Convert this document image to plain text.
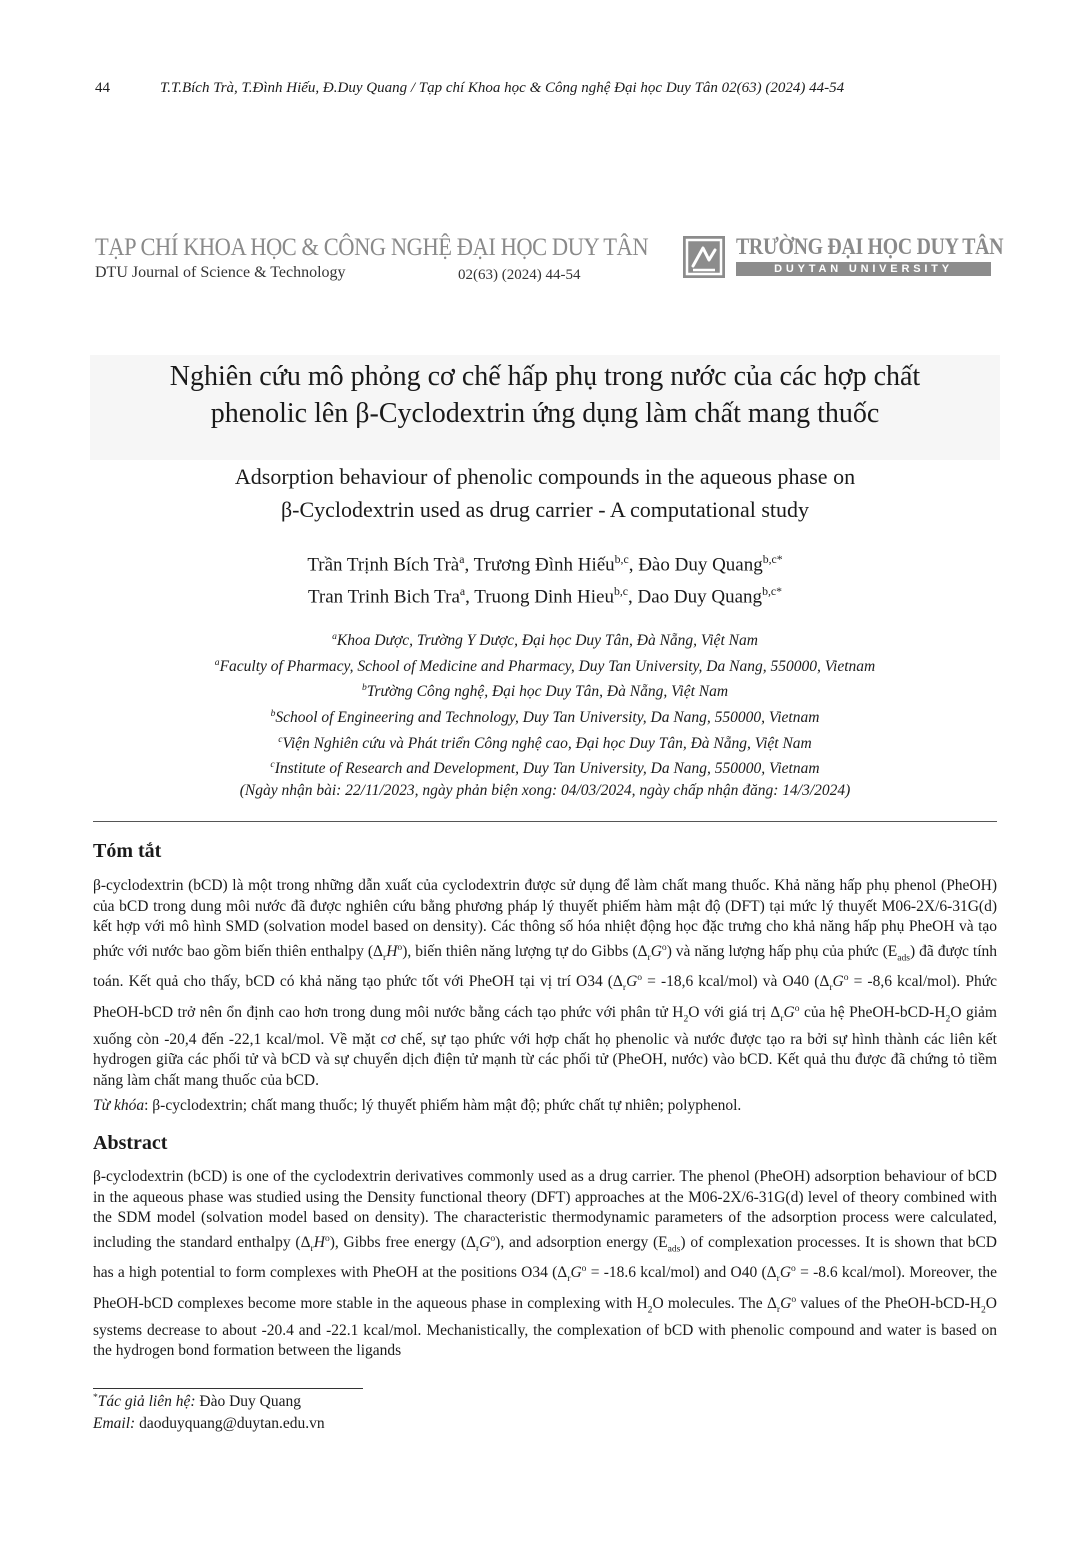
44	T.T.Bích Trà, T.Đình Hiếu, Đ.Duy Quang / Tạp chí Khoa học & Công nghệ Đại học Duy Tân 02(63) (2024) 44-54
TẠP CHÍ KHOA HỌC & CÔNG NGHỆ ĐẠI HỌC DUY TÂN
DTU Journal of Science & Technology	02(63) (2024) 44-54
TRƯỜNG ĐẠI HỌC DUY TÂN
DUYTAN UNIVERSITY
Nghiên cứu mô phỏng cơ chế hấp phụ trong nước của các hợp chất
phenolic lên β-Cyclodextrin ứng dụng làm chất mang thuốc
Adsorption behaviour of phenolic compounds in the aqueous phase on
β-Cyclodextrin used as drug carrier - A computational study
Trần Trịnh Bích Trà$^a$, Trương Đình Hiếu$^{b,c}$, Đào Duy Quang$^{b,c*}$
Tran Trinh Bich Tra$^a$, Truong Dinh Hieu$^{b,c}$, Dao Duy Quang$^{b,c*}$
$^a$Khoa Dược, Trường Y Dược, Đại học Duy Tân, Đà Nẵng, Việt Nam
$^a$Faculty of Pharmacy, School of Medicine and Pharmacy, Duy Tan University, Da Nang, 550000, Vietnam
$^b$Trường Công nghệ, Đại học Duy Tân, Đà Nẵng, Việt Nam
$^b$School of Engineering and Technology, Duy Tan University, Da Nang, 550000, Vietnam
$^c$Viện Nghiên cứu và Phát triển Công nghệ cao, Đại học Duy Tân, Đà Nẵng, Việt Nam
$^c$Institute of Research and Development, Duy Tan University, Da Nang, 550000, Vietnam
(Ngày nhận bài: 22/11/2023, ngày phản biện xong: 04/03/2024, ngày chấp nhận đăng: 14/3/2024)
Tóm tắt

β-cyclodextrin (bCD) là một trong những dẫn xuất của cyclodextrin được sử dụng để làm chất mang thuốc. Khả năng hấp phụ phenol (PheOH) của bCD trong dung môi nước đã được nghiên cứu bằng phương pháp lý thuyết phiếm hàm mật độ (DFT) tại mức lý thuyết M06-2X/6-31G(d) kết hợp với mô hình SMD (solvation model based on density). Các thông số hóa nhiệt động học đặc trưng cho khả năng hấp phụ PheOH và tạo phức với nước bao gồm biến thiên enthalpy $(\Delta_rH^o)$, biến thiên năng lượng tự do Gibbs $(\Delta_rG^o)$ và năng lượng hấp phụ của phức $(E_{ads})$ đã được tính toán. Kết quả cho thấy, bCD có khả năng tạo phức tốt với PheOH tại vị trí O34 ($\Delta_rG^o = -18,6$ kcal/mol) và O40 ($\Delta_rG^o = -8,6$ kcal/mol). Phức PheOH-bCD trở nên ổn định cao hơn trong dung môi nước bằng cách tạo phức với phân tử $H_2O$ với giá trị $\Delta_rG^o$ của hệ PheOH-$bCD-H_2O$ giảm xuống còn -20,4 đến -22,1 kcal/mol. Về mặt cơ chế, sự tạo phức với hợp chất họ phenolic và nước được tạo ra bởi sự hình thành các liên kết hydrogen giữa các phối tử và bCD và sự chuyển dịch điện tử mạnh từ các phối tử (PheOH, nước) vào bCD. Kết quả thu được đã chứng tỏ tiềm năng làm chất mang thuốc của bCD.

Từ khóa: β-cyclodextrin; chất mang thuốc; lý thuyết phiếm hàm mật độ; phức chất tự nhiên; polyphenol.
Abstract

β-cyclodextrin (bCD) is one of the cyclodextrin derivatives commonly used as a drug carrier. The phenol (PheOH) adsorption behaviour of bCD in the aqueous phase was studied using the Density functional theory (DFT) approaches at the M06-2X/6-31G(d) level of theory combined with the SDM model (solvation model based on density). The characteristic thermodynamic parameters of the adsorption process were calculated, including the standard enthalpy $(\Delta_rH^o)$, Gibbs free energy $(\Delta_rG^o)$, and adsorption energy $(E_{ads})$ of complexation processes. It is shown that bCD has a high potential to form complexes with PheOH at the positions O34 ($\Delta_rG^o = -18.6$ kcal/mol) and O40 ($\Delta_rG^o = -8.6$ kcal/mol). Moreover, the PheOH-bCD complexes become more stable in the aqueous phase in complexing with $H_2O$ molecules. The $\Delta_rG^o$ values of the PheOH-$bCD-H_2O$ systems decrease to about -20.4 and -22.1 kcal/mol. Mechanistically, the complexation of bCD with phenolic compound and water is based on the hydrogen bond formation between the ligands

*Tác giả liên hệ: Đào Duy Quang
Email: daoduyquang@duytan.edu.vn
